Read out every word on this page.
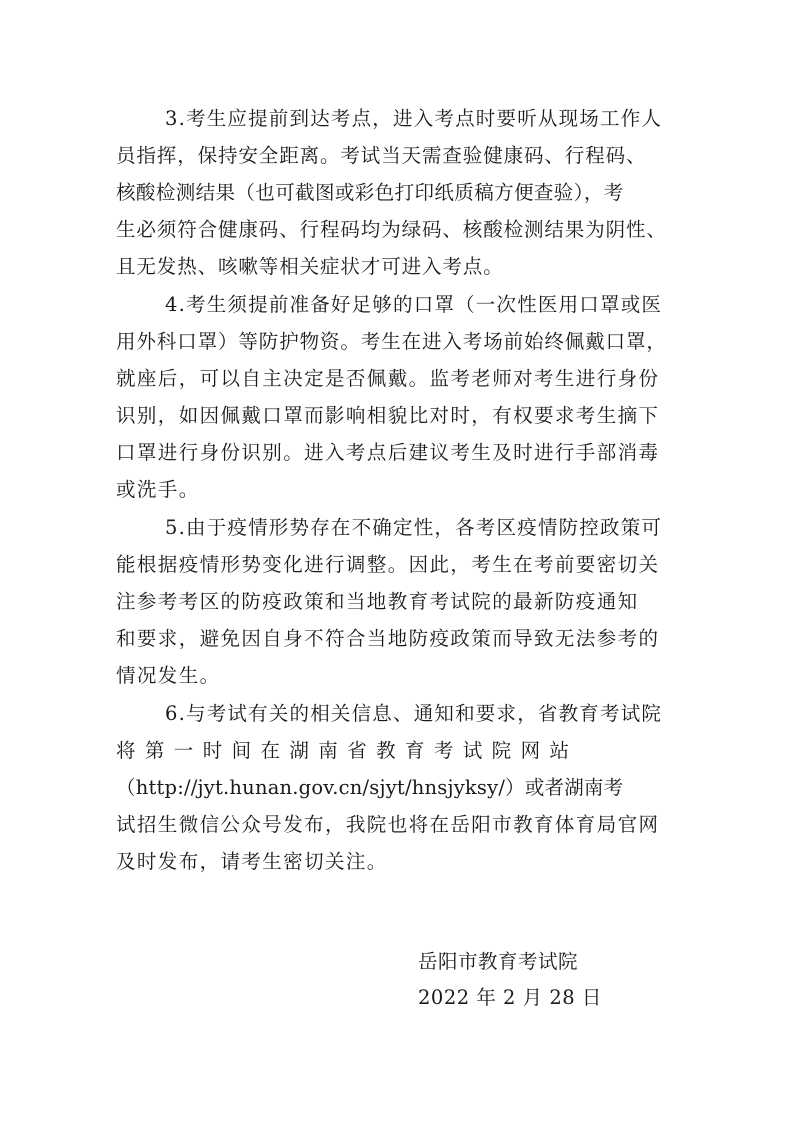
3.考生应提前到达考点，进入考点时要听从现场工作人
员指挥，保持安全距离。考试当天需查验健康码、行程码、
核酸检测结果（也可截图或彩色打印纸质稿方便查验），考
生必须符合健康码、行程码均为绿码、核酸检测结果为阴性、
且无发热、咳嗽等相关症状才可进入考点。
4.考生须提前准备好足够的口罩（一次性医用口罩或医
用外科口罩）等防护物资。考生在进入考场前始终佩戴口罩，
就座后，可以自主决定是否佩戴。监考老师对考生进行身份
识别，如因佩戴口罩而影响相貌比对时，有权要求考生摘下
口罩进行身份识别。进入考点后建议考生及时进行手部消毒
或洗手。
5.由于疫情形势存在不确定性，各考区疫情防控政策可
能根据疫情形势变化进行调整。因此，考生在考前要密切关
注参考考区的防疫政策和当地教育考试院的最新防疫通知
和要求，避免因自身不符合当地防疫政策而导致无法参考的
情况发生。
6.与考试有关的相关信息、通知和要求，省教育考试院
将 第 一 时 间 在 湖 南 省 教 育 考 试 院 网 站
（http://jyt.hunan.gov.cn/sjyt/hnsjyksy/）或者湖南考
试招生微信公众号发布，我院也将在岳阳市教育体育局官网
及时发布，请考生密切关注。
岳阳市教育考试院
2022 年 2 月 28 日
